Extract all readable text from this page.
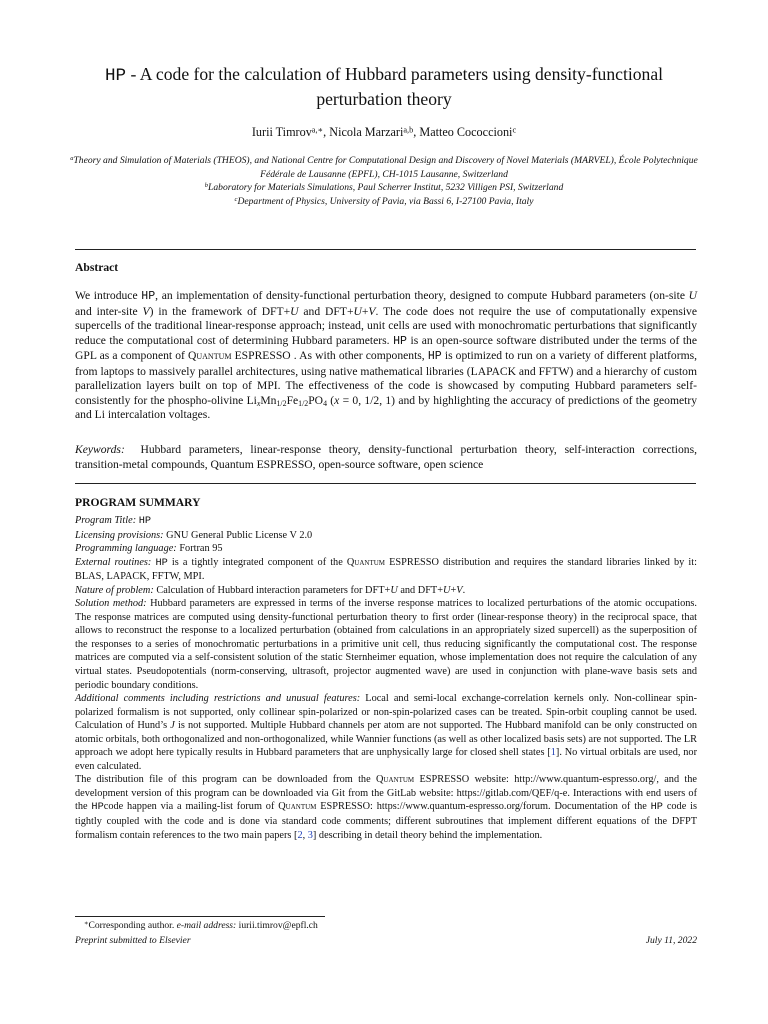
HP - A code for the calculation of Hubbard parameters using density-functional perturbation theory
Iurii Timrov$^{a,∗}$, Nicola Marzari$^{a,b}$, Matteo Cococcioni$^c$
$^a$Theory and Simulation of Materials (THEOS), and National Centre for Computational Design and Discovery of Novel Materials (MARVEL), École Polytechnique Fédérale de Lausanne (EPFL), CH-1015 Lausanne, Switzerland
$^b$Laboratory for Materials Simulations, Paul Scherrer Institut, 5232 Villigen PSI, Switzerland
$^c$Department of Physics, University of Pavia, via Bassi 6, I-27100 Pavia, Italy
Abstract
We introduce HP, an implementation of density-functional perturbation theory, designed to compute Hubbard parameters (on-site U and inter-site V) in the framework of DFT+U and DFT+U+V. The code does not require the use of computationally expensive supercells of the traditional linear-response approach; instead, unit cells are used with monochromatic perturbations that significantly reduce the computational cost of determining Hubbard parameters. HP is an open-source software distributed under the terms of the GPL as a component of Quantum ESPRESSO . As with other components, HP is optimized to run on a variety of different platforms, from laptops to massively parallel architectures, using native mathematical libraries (LAPACK and FFTW) and a hierarchy of custom parallelization layers built on top of MPI. The effectiveness of the code is showcased by computing Hubbard parameters self-consistently for the phospho-olivine $Li_xMn_{1/2}Fe_{1/2}PO_4$ (x = 0, 1/2, 1) and by highlighting the accuracy of predictions of the geometry and Li intercalation voltages.
Keywords: Hubbard parameters, linear-response theory, density-functional perturbation theory, self-interaction corrections, transition-metal compounds, Quantum ESPRESSO, open-source software, open science
PROGRAM SUMMARY

Program Title: HP

Licensing provisions: GNU General Public License V 2.0

Programming language: Fortran 95

External routines: HP is a tightly integrated component of the Quantum ESPRESSO distribution and requires the standard libraries linked by it: BLAS, LAPACK, FFTW, MPI.

Nature of problem: Calculation of Hubbard interaction parameters for DFT+U and DFT+U+V.

Solution method: Hubbard parameters are expressed in terms of the inverse response matrices to localized perturbations of the atomic occupations. The response matrices are computed using density-functional perturbation theory to first order (linear-response theory) in the reciprocal space, that allows to reconstruct the response to a localized perturbation (obtained from calculations in an appropriately sized supercell) as the superposition of the responses to a series of monochromatic perturbations in a primitive unit cell, thus reducing significantly the computational cost. The response matrices are computed via a self-consistent solution of the static Sternheimer equation, whose implementation does not require the calculation of any virtual states. Pseudopotentials (norm-conserving, ultrasoft, projector augmented wave) are used in conjunction with plane-wave basis sets and periodic boundary conditions.

Additional comments including restrictions and unusual features: Local and semi-local exchange-correlation kernels only. Non-collinear spin-polarized formalism is not supported, only collinear spin-polarized or non-spin-polarized cases can be treated. Spin-orbit coupling cannot be used. Calculation of Hund’s J is not supported. Multiple Hubbard channels per atom are not supported. The Hubbard manifold can be only constructed on atomic orbitals, both orthogonalized and non-orthogonalized, while Wannier functions (as well as other localized basis sets) are not supported. The LR approach we adopt here typically results in Hubbard parameters that are unphysically large for closed shell states [1]. No virtual orbitals are used, nor even calculated.

The distribution file of this program can be downloaded from the Quantum ESPRESSO website: http://www.quantum-espresso.org/, and the development version of this program can be downloaded via Git from the GitLab website: https://gitlab.com/QEF/q-e. Interactions with end users of the HPcode happen via a mailing-list forum of Quantum ESPRESSO: https://www.quantum-espresso.org/forum. Documentation of the HP code is tightly coupled with the code and is done via standard code comments; different subroutines that implement different equations of the DFPT formalism contain references to the two main papers [2, 3] describing in detail theory behind the implementation.

∗Corresponding author. e-mail address: iurii.timrov@epfl.ch
Preprint submitted to Elsevier	July 11, 2022
